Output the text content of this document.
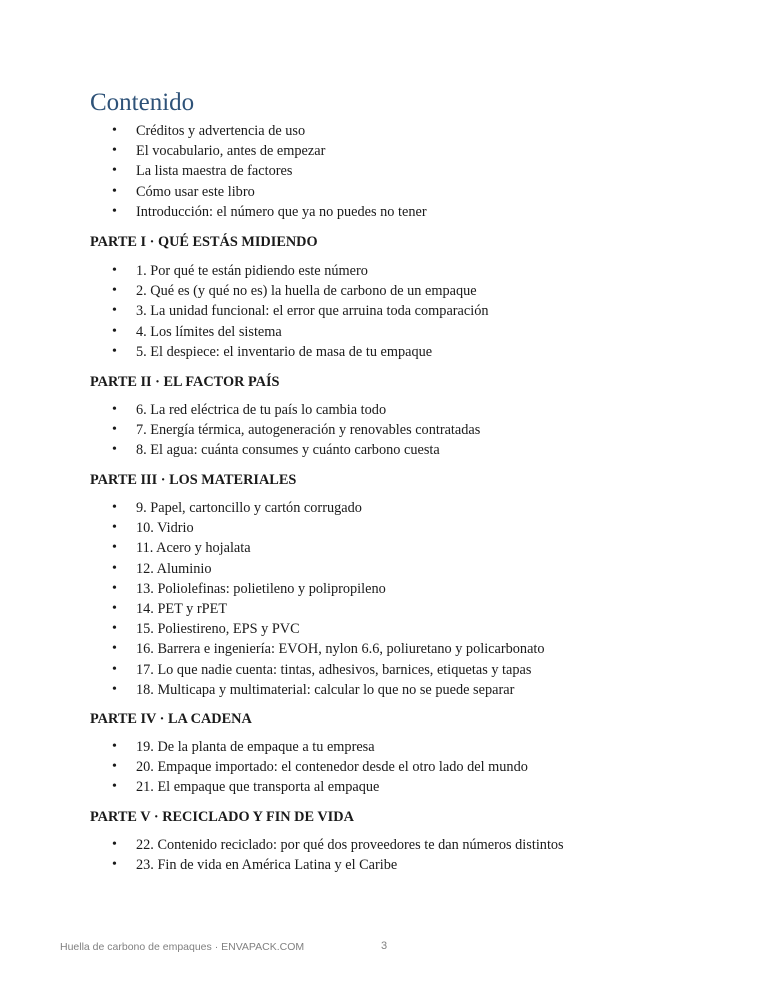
Contenido
• Créditos y advertencia de uso
• El vocabulario, antes de empezar
• La lista maestra de factores
• Cómo usar este libro
• Introducción: el número que ya no puedes no tener
PARTE I · QUÉ ESTÁS MIDIENDO
• 1. Por qué te están pidiendo este número
• 2. Qué es (y qué no es) la huella de carbono de un empaque
• 3. La unidad funcional: el error que arruina toda comparación
• 4. Los límites del sistema
• 5. El despiece: el inventario de masa de tu empaque
PARTE II · EL FACTOR PAÍS
• 6. La red eléctrica de tu país lo cambia todo
• 7. Energía térmica, autogeneración y renovables contratadas
• 8. El agua: cuánta consumes y cuánto carbono cuesta
PARTE III · LOS MATERIALES
• 9. Papel, cartoncillo y cartón corrugado
• 10. Vidrio
• 11. Acero y hojalata
• 12. Aluminio
• 13. Poliolefinas: polietileno y polipropileno
• 14. PET y rPET
• 15. Poliestireno, EPS y PVC
• 16. Barrera e ingeniería: EVOH, nylon 6.6, poliuretano y policarbonato
• 17. Lo que nadie cuenta: tintas, adhesivos, barnices, etiquetas y tapas
• 18. Multicapa y multimaterial: calcular lo que no se puede separar
PARTE IV · LA CADENA
• 19. De la planta de empaque a tu empresa
• 20. Empaque importado: el contenedor desde el otro lado del mundo
• 21. El empaque que transporta al empaque
PARTE V · RECICLADO Y FIN DE VIDA
• 22. Contenido reciclado: por qué dos proveedores te dan números distintos
• 23. Fin de vida en América Latina y el Caribe
Huella de carbono de empaques · ENVAPACK.COM	3
